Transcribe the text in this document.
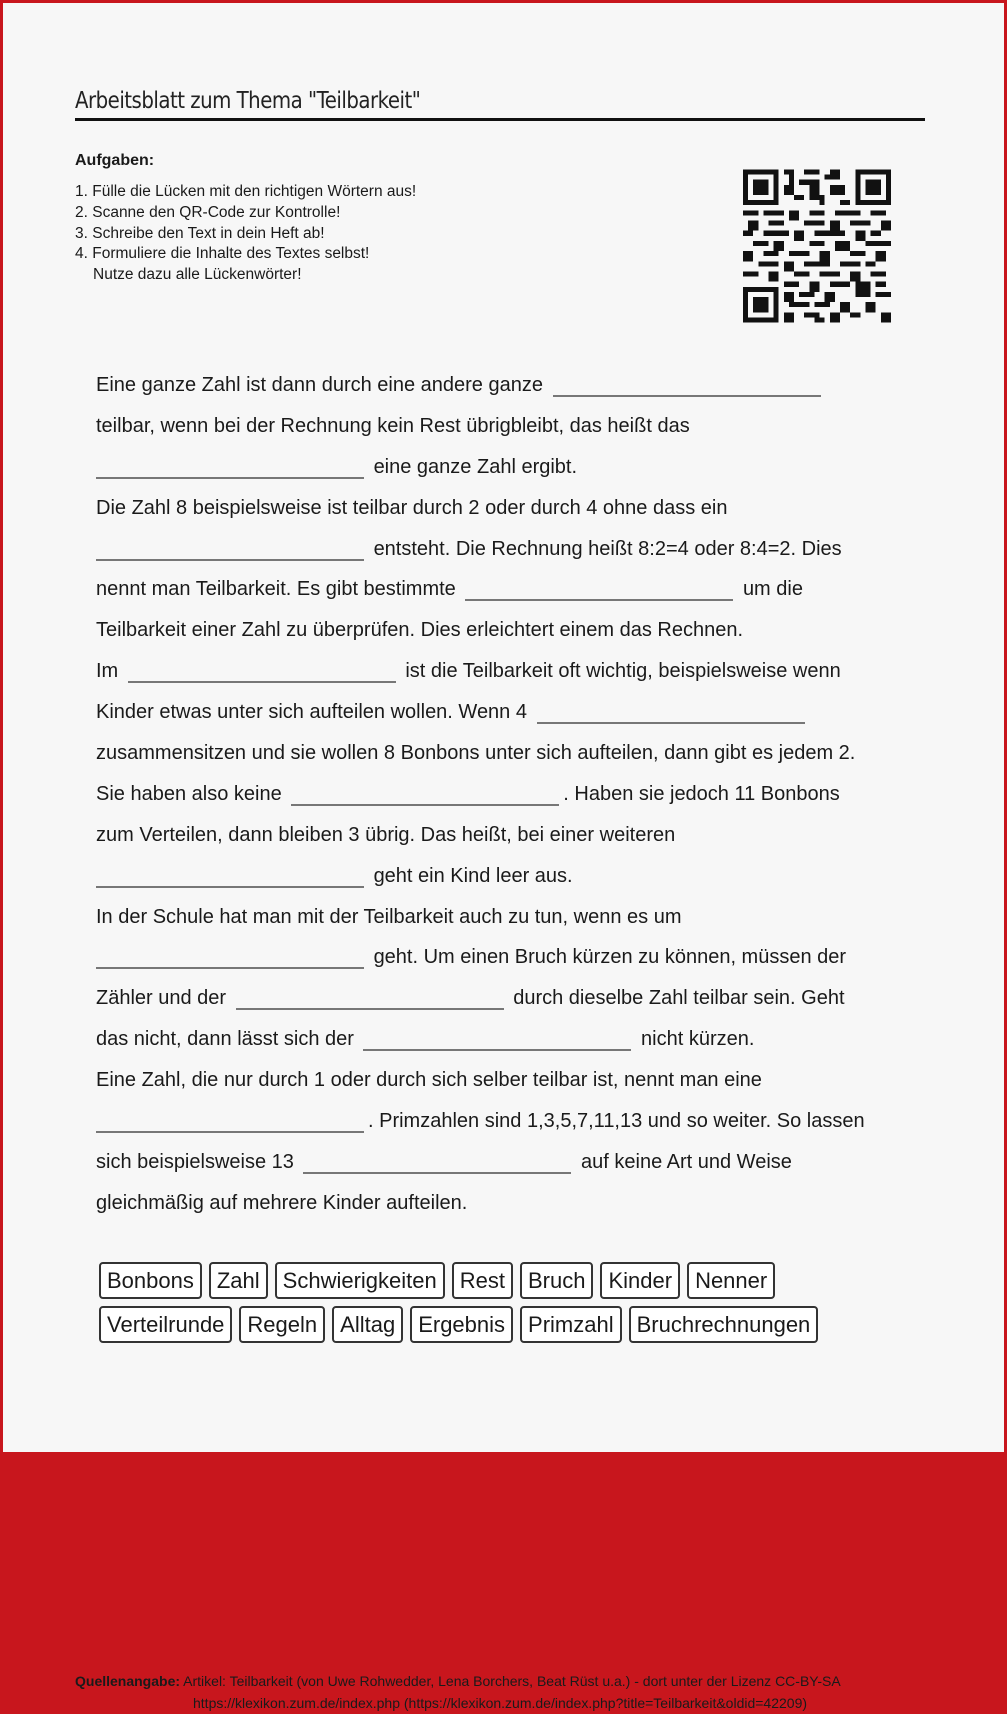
Arbeitsblatt zum Thema "Teilbarkeit"
Aufgaben:
1. Fülle die Lücken mit den richtigen Wörtern aus!
2. Scanne den QR-Code zur Kontrolle!
3. Schreibe den Text in dein Heft ab!
4. Formuliere die Inhalte des Textes selbst!
Nutze dazu alle Lückenwörter!
Eine ganze Zahl ist dann durch eine andere ganze
teilbar, wenn bei der Rechnung kein Rest übrigbleibt, das heißt das
eine ganze Zahl ergibt.
Die Zahl 8 beispielsweise ist teilbar durch 2 oder durch 4 ohne dass ein
entsteht. Die Rechnung heißt 8:2=4 oder 8:4=2. Dies
nennt man Teilbarkeit. Es gibt bestimmte	um die
Teilbarkeit einer Zahl zu überprüfen. Dies erleichtert einem das Rechnen.
Im	ist die Teilbarkeit oft wichtig, beispielsweise wenn
Kinder etwas unter sich aufteilen wollen. Wenn 4
zusammensitzen und sie wollen 8 Bonbons unter sich aufteilen, dann gibt es jedem 2.
Sie haben also keine	. Haben sie jedoch 11 Bonbons
zum Verteilen, dann bleiben 3 übrig. Das heißt, bei einer weiteren
geht ein Kind leer aus.
In der Schule hat man mit der Teilbarkeit auch zu tun, wenn es um
geht. Um einen Bruch kürzen zu können, müssen der
Zähler und der	durch dieselbe Zahl teilbar sein. Geht
das nicht, dann lässt sich der	nicht kürzen.
Eine Zahl, die nur durch 1 oder durch sich selber teilbar ist, nennt man eine
. Primzahlen sind 1,3,5,7,11,13 und so weiter. So lassen
sich beispielsweise 13	auf keine Art und Weise
gleichmäßig auf mehrere Kinder aufteilen.
Bonbons	Zahl	Schwierigkeiten	Rest	Bruch	Kinder	Nenner
Verteilrunde	Regeln	Alltag	Ergebnis	Primzahl	Bruchrechnungen
Quellenangabe: Artikel: Teilbarkeit (von Uwe Rohwedder, Lena Borchers, Beat Rüst u.a.) - dort unter der Lizenz CC-BY-SA
https://klexikon.zum.de/index.php (https://klexikon.zum.de/index.php?title=Teilbarkeit&oldid=42209)
